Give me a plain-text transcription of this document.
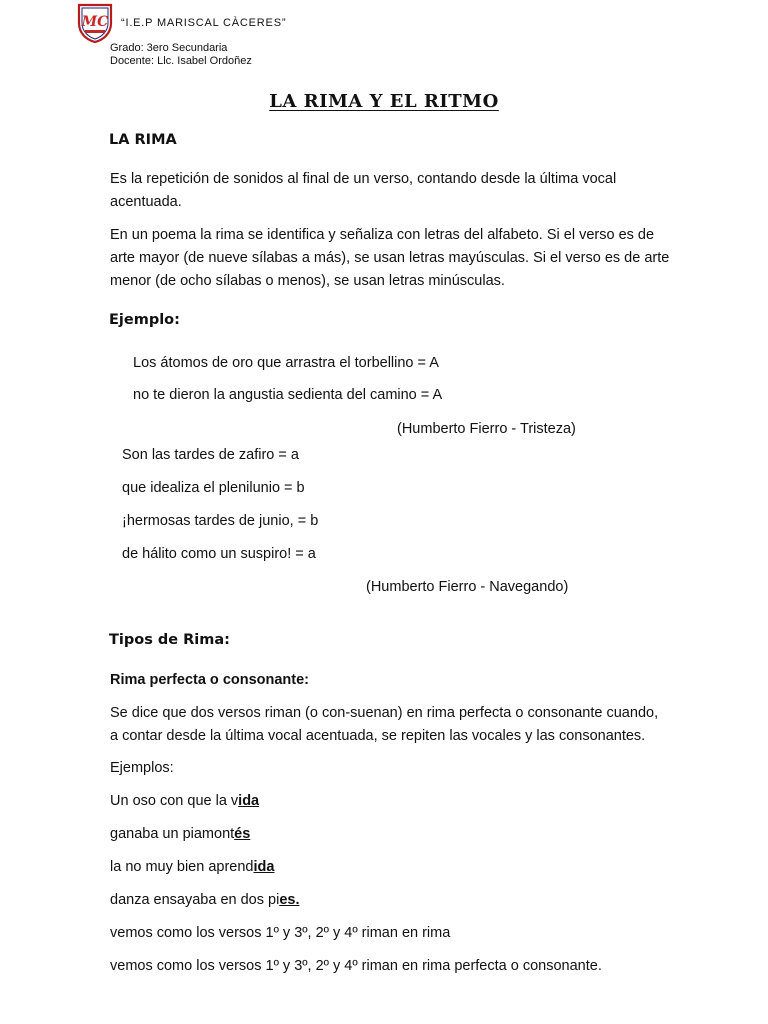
MC “I.E.P MARISCAL CÀCERES”
Grado: 3ero Secundaria
Docente: Llc. Isabel Ordoñez
LA RIMA Y EL RITMO
LA RIMA
Es la repetición de sonidos al final de un verso, contando desde la última vocal acentuada.
En un poema la rima se identifica y señaliza con letras del alfabeto. Si el verso es de arte mayor (de nueve sílabas a más), se usan letras mayúsculas. Si el verso es de arte menor (de ocho sílabas o menos), se usan letras minúsculas.
Ejemplo:
Los átomos de oro que arrastra el torbellino = A
no te dieron la angustia sedienta del camino = A
(Humberto Fierro - Tristeza)
Son las tardes de zafiro = a
que idealiza el plenilunio = b
¡hermosas tardes de junio, = b
de hálito como un suspiro! = a
(Humberto Fierro - Navegando)
Tipos de Rima:
Rima perfecta o consonante:
Se dice que dos versos riman (o con-suenan) en rima perfecta o consonante cuando, a contar desde la última vocal acentuada, se repiten las vocales y las consonantes.
Ejemplos:
Un oso con que la vida
ganaba un piamontés
la no muy bien aprendida
danza ensayaba en dos pies.
vemos como los versos 1º y 3º, 2º y 4º riman en rima
vemos como los versos 1º y 3º, 2º y 4º riman en rima perfecta o consonante.
